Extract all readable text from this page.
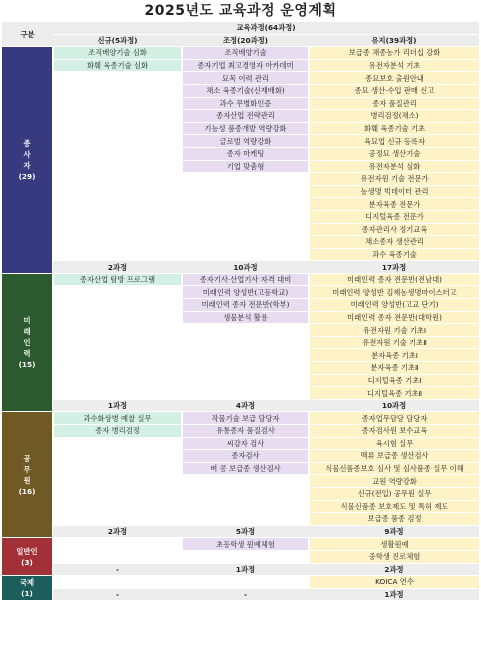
2025년도 교육과정 운영계획
구분	교육과정(64과정)		
	신규(5과정)	조정(20과정)	유지(39과정)

종
사
자
(29)	조직배양기술 심화	조직배양기술	보급종 채종농가 리더십 강화
	화훼 육종기술 심화	종자기업 최고경영자 아카데미	유전자분석 기초
		묘목 이력 관리	종묘보호 출원안내
		채소 육종기술(신재배화)	종묘 생산·수입 판매 신고
		과수 무병화인증	종자 품질관리
		종자산업 전략관리	병리검정(채소)
		기능성 품종개발 역량강화	화훼 육종기술 기초
		글로벌 역량강화	육묘업 신규 등록자
		종자 마케팅	공정묘 생산기술
		기업 맞춤형	유전자분석 심화
			유전자원 기술 전문가
			농생명 빅데이터 관리
			분자육종 전문가
			디지털육종 전문가
			종자관리사 정기교육
			채소종자 생산관리
			과수 육종기술
	2과정	10과정	17과정

미
래
인
력
(15)	종자산업 탐방 프로그램	종자기사·산업기사 자격 대비	미래인력 종자 전문반(전남대)
		미래인력 양성반(고등학교)	미래인력 양성반 김제농생명마이스터고
		미래인력 종자 전문반(학부)	미래인력 양성반(고교 단기)
		생물분석 활용	미래인력 종자 전문반(대학원)
			유전자원 기술 기초Ⅰ
			유전자원 기술 기초Ⅱ
			분자육종 기초Ⅰ
			분자육종 기초Ⅱ
			디지털육종 기초Ⅰ
			디지털육종 기초Ⅱ
	1과정	4과정	10과정

공
무
원
(16)	과수화상병 예찰 실무	작물기술 보급 담당자	종자업무담당 담당자
	종자 병리검정	유통종자 품질검사	종자검사원 보수교육
		씨감자 검사	육시험 실무
		종자검사	맥류 보급종 생산검사
		벼 콩 보급종 생산검사	식물신품종보호 심사 및 심사품종 실무 이해
			교원 역량강화
			신규(전입) 공무원 실무
			식물신품종 보호제도 및 특허 제도
			보급종 품종 검정
	2과정	5과정	9과정

일반인
(3)		초등학생 원예체험	생활원예
			중학생 진로체험
	-	1과정	2과정

국제
(1)			KOICA 연수
	-	-	1과정
